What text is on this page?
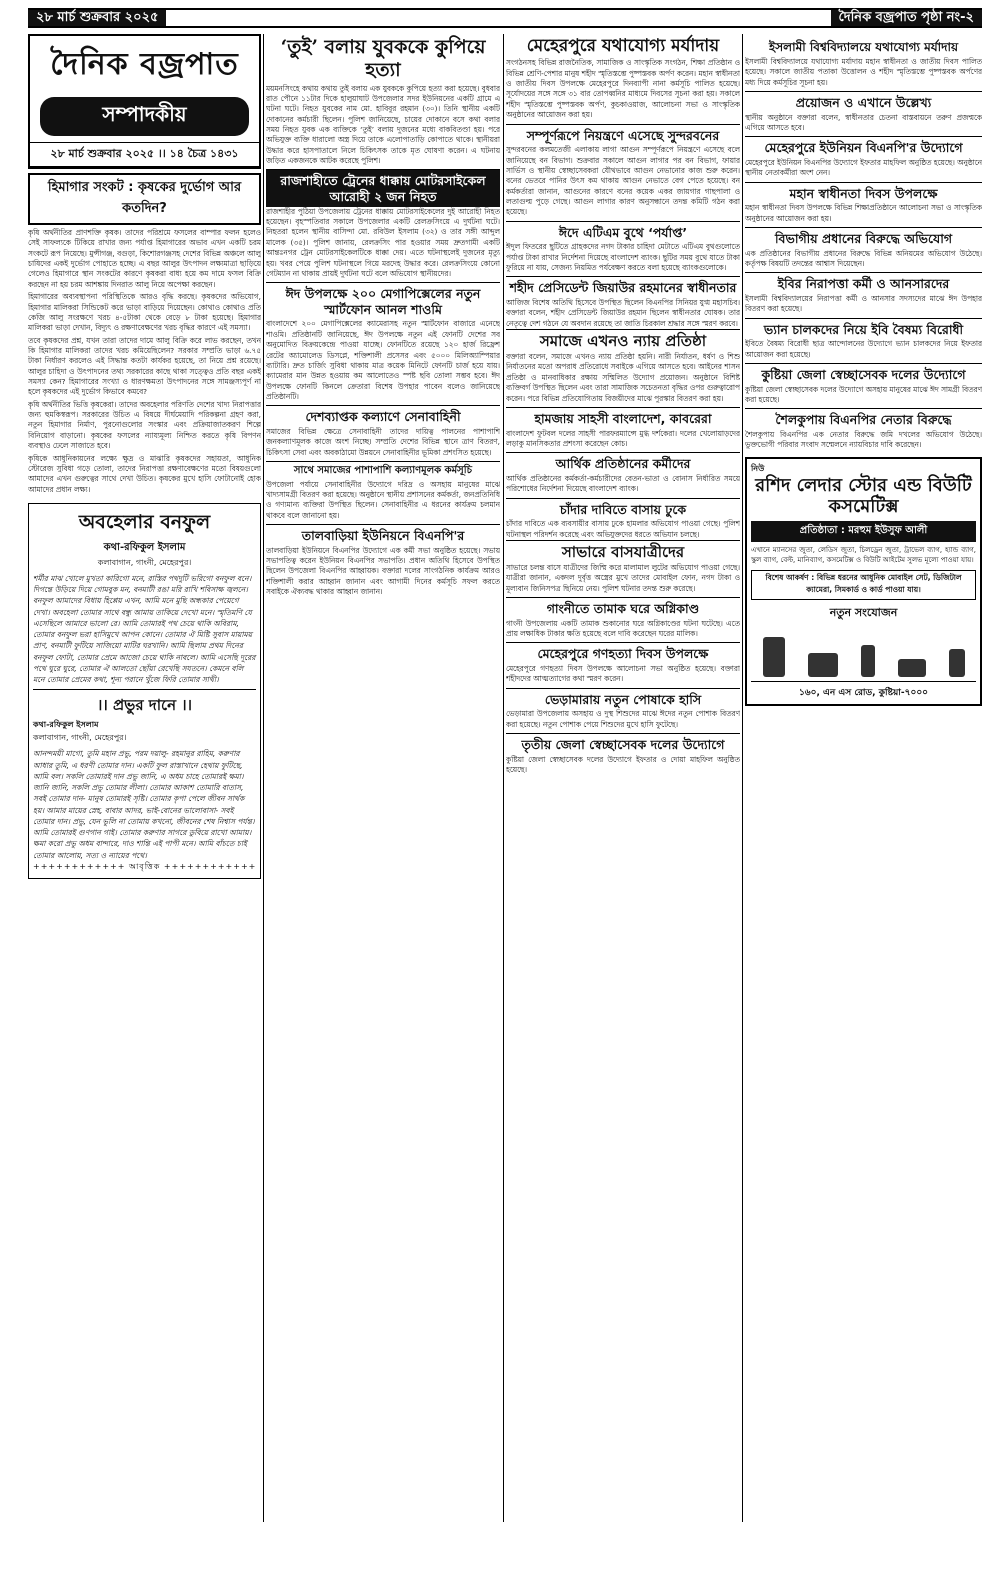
২৮ মার্চ শুক্রবার ২০২৫	দৈনিক বজ্রপাত পৃষ্ঠা নং-২
দৈনিক বজ্রপাত
সম্পাদকীয়
২৮ মার্চ শুক্রবার ২০২৫ ।। ১৪ চৈত্র ১৪৩১
হিমাগার সংকট : কৃষকের দুর্ভোগ আর কতদিন?

কৃষি অর্থনীতির প্রাণশক্তি কৃষক। তাদের পরিশ্রমে ফসলের বাম্পার ফলন হলেও সেই সাফল্যকে টিকিয়ে রাখার জন্য পর্যাপ্ত হিমাগারের অভাব এখন একটি চরম সংকটে রূপ নিয়েছে। মুন্সীগঞ্জ, বগুড়া, কিশোরগঞ্জসহ দেশের বিভিন্ন অঞ্চলে আলু চাষিদের একই দুর্ভোগ পোহাতে হচ্ছে। এ বছর আলুর উৎপাদন লক্ষ্যমাত্রা ছাড়িয়ে গেলেও হিমাগারে স্থান সংকটের কারণে কৃষকরা বাধ্য হয়ে কম দামে ফসল বিক্রি করছেন না হয় চরম আশঙ্কায় দিনরাত আলু নিয়ে অপেক্ষা করছেন।

হিমাগারের অব্যবস্থাপনা পরিস্থিতিকে আরও বৃদ্ধি করছে। কৃষকদের অভিযোগ, হিমাগার মালিকরা সিন্ডিকেট করে ভাড়া বাড়িয়ে দিয়েছেন। কোথাও কোথাও প্রতি কেজি আলু সংরক্ষণে খরচ ৪-৫টাকা থেকে বেড়ে ৮ টাকা হয়েছে। হিমাগার মালিকরা ভাড়া দেখান, বিদ্যুৎ ও রক্ষণাবেক্ষণের খরচ বৃদ্ধির কারণে এই সমস্যা।

তবে কৃষকদের প্রশ্ন, যখন তারা তাদের দামে আলু বিক্রি করে লাভ করছেন, তখন কি হিমাগার মালিকরা তাদের খরচ কমিয়েছিলেন? সরকার সম্প্রতি ভাড়া ৬.৭৫ টাকা নির্ধারণ করলেও এই সিদ্ধান্ত কতটা কার্যকর হয়েছে, তা নিয়ে প্রশ্ন রয়েছে। আলুর চাহিদা ও উৎপাদনের তথ্য সরকারের কাছে থাকা সত্ত্বেও প্রতি বছর একই সমস্যা কেন? হিমাগারের সংখ্যা ও ধারণক্ষমতা উৎপাদনের সঙ্গে সামঞ্জস্যপূর্ণ না হলে কৃষকদের এই দুর্ভোগ কিভাবে কমবে?

কৃষি অর্থনীতির ভিত্তি কৃষকেরা। তাদের অবহেলার পরিণতি দেশের খাদ্য নিরাপত্তার জন্য হুমকিস্বরূপ। সরকারের উচিত এ বিষয়ে দীর্ঘমেয়াদি পরিকল্পনা গ্রহণ করা, নতুন হিমাগার নির্মাণ, পুরনোগুলোর সংস্কার এবং প্রক্রিয়াজাতকরণ শিল্পে বিনিয়োগ বাড়ানো। কৃষকের ফসলের ন্যায্যমূল্য নিশ্চিত করতে কৃষি বিপণন ব্যবস্থাও ঢেলে সাজাতে হবে।

কৃষিকে আধুনিকায়নের লক্ষ্যে ক্ষুদ্র ও মাঝারি কৃষকদের সহায়তা, আধুনিক স্টোরেজ সুবিধা গড়ে তোলা, তাদের নিরাপত্তা রক্ষণাবেক্ষণের মতো বিষয়গুলো আমাদের এখন গুরুত্বের সাথে দেখা উচিত। কৃষকের মুখে হাসি ফোটানোই হোক আমাদের প্রধান লক্ষ্য।

অবহেলার বনফুল
কথা-রফিকুল ইসলাম
কলাবাগান, গাংনী, মেহেরপুর।
শর্মীর মাঝ খোলে মুখতা কারিগো মনে, রাস্তির পথদুটি ভরিগো বনফুল বনে। দিগন্তে উড়িয়ে দিয়ে গোমবুক মন, বনমাটী রঙা মরি রাখি শবিসাক্ষ জ্বলনে। বনফুল আমাদের বিধায় হিপ্পেয় এখন, আমি মনে মুছি অন্ধকার পেয়েগে দেখা। অবহেলা তোমার সাথে বন্ধু আমায় তাকিয়ে দেখো মনে। স্মৃতিমণি যে এসেছিলে আমারে ভালো রে। আমি তোমারই পথ চেয়ে থাকি অবিরাম, তোমার বনফুল ভরা হাসিমুখে আপন কোনে। তোমার ঐ মিষ্টি সুবাস মায়াময় প্রাণ, বনমাটী ফুটিয়ে সাজিয়ো মাটির ঘরখানি। আমি ছিলাম প্রথম দিনের বনফুল ফোটা, তোমার প্রেমে আজো চেয়ে থাকি নাবলে। আমি এসেছি দূরের পথে ঘুরে ঘুরে, তোমার ঐ আলতো ছোঁয়া রেখেছি সযতনে। কেমনে বলি মনে তোমার প্রেমের কথা, শূন্য পরানে খুঁজে ফিরি তোমার সাথী।
।। প্রভুর দানে ।।
কথা-রফিকুল ইসলাম
কলাবাগান, গাংনী, মেহেরপুর।
আনন্দময়ী মাগো, তুমি মহান প্রভু, পরম দয়ালু- রহমানুর রাহিম, করুণার আধার তুমি, এ ধরণী তোমার দান। একটি ফুল রাস্তাখানে হেথায় ফুটিছে, আমি বল। সকলি তোমারই দান প্রভু জানি, এ অধম চাহে তোমারই ক্ষমা। জানি জানি, সকলি প্রভু তোমার লীলা। তোমার আকাশ তোমারি বাতাস, সবই তোমার দান- মানুষ তোমারই সৃষ্টি। তোমার কৃপা পেলে জীবন সার্থক হয়। আমার মায়ের স্নেহ, বাবার আদর, ভাই-বোনের ভালোবাসা- সবই তোমার দান। প্রভু, যেন ভুলি না তোমায় কখনো, জীবনের শেষ নিশ্বাস পর্যন্ত। আমি তোমারই গুণগান গাই। তোমার করুণার সাগরে ডুবিয়ে রাখো আমায়। ক্ষমা করো প্রভু অধম বান্দারে, দাও শান্তি এই পাপী মনে। আমি বাঁচতে চাই তোমার আলোয়, সত্য ও ন্যায়ের পথে।
++++++++++++ আবৃত্তিক ++++++++++++
‘তুই’ বলায় যুবককে কুপিয়ে হত্যা
ময়মনসিংহে কথায় কথায় তুই বলায় এক যুবককে কুপিয়ে হত্যা করা হয়েছে। বুধবার রাত পৌনে ১১টার দিকে হালুয়াঘাট উপজেলার সদর ইউনিয়নের একটি গ্রামে এ ঘটনা ঘটে। নিহত যুবকের নাম মো. হাবিবুর রহমান (৩০)। তিনি স্থানীয় একটি দোকানের কর্মচারী ছিলেন। পুলিশ জানিয়েছে, চায়ের দোকানে বসে কথা বলার সময় নিহত যুবক এক ব্যক্তিকে ‘তুই’ বলায় দুজনের মধ্যে বাকবিতণ্ডা হয়। পরে অভিযুক্ত ব্যক্তি ধারালো অস্ত্র দিয়ে তাকে এলোপাতাড়ি কোপাতে থাকে। স্থানীয়রা উদ্ধার করে হাসপাতালে নিলে চিকিৎসক তাকে মৃত ঘোষণা করেন। এ ঘটনায় জড়িত একজনকে আটক করেছে পুলিশ।
রাজশাহীতে ট্রেনের ধাক্কায় মোটরসাইকেল আরোহী ২ জন নিহত
রাজশাহীর পুঠিয়া উপজেলায় ট্রেনের ধাক্কায় মোটরসাইকেলের দুই আরোহী নিহত হয়েছেন। বৃহস্পতিবার সকালে উপজেলার একটি রেলক্রসিংয়ে এ দুর্ঘটনা ঘটে। নিহতরা হলেন স্থানীয় বাসিন্দা মো. রবিউল ইসলাম (৩২) ও তার সঙ্গী আব্দুল মালেক (৩৫)। পুলিশ জানায়, রেলক্রসিং পার হওয়ার সময় দ্রুতগামী একটি আন্তঃনগর ট্রেন মোটরসাইকেলটিকে ধাক্কা দেয়। এতে ঘটনাস্থলেই দুজনের মৃত্যু হয়। খবর পেয়ে পুলিশ ঘটনাস্থলে গিয়ে মরদেহ উদ্ধার করে। রেলক্রসিংয়ে কোনো গেটম্যান না থাকায় প্রায়ই দুর্ঘটনা ঘটে বলে অভিযোগ স্থানীয়দের।
ঈদ উপলক্ষে ২০০ মেগাপিক্সেলের নতুন স্মার্টফোন আনল শাওমি
বাংলাদেশে ২০০ মেগাপিক্সেলের ক্যামেরাসহ নতুন স্মার্টফোন বাজারে এনেছে শাওমি। প্রতিষ্ঠানটি জানিয়েছে, ঈদ উপলক্ষে নতুন এই ফোনটি দেশের সব অনুমোদিত বিক্রয়কেন্দ্রে পাওয়া যাচ্ছে। ফোনটিতে রয়েছে ১২০ হার্জ রিফ্রেশ রেটের অ্যামোলেড ডিসপ্লে, শক্তিশালী প্রসেসর এবং ৫০০০ মিলিঅ্যাম্পিয়ার ব্যাটারি। দ্রুত চার্জিং সুবিধা থাকায় মাত্র কয়েক মিনিটে ফোনটি চার্জ হয়ে যায়। ক্যামেরার মান উন্নত হওয়ায় কম আলোতেও স্পষ্ট ছবি তোলা সম্ভব হবে। ঈদ উপলক্ষে ফোনটি কিনলে ক্রেতারা বিশেষ উপহার পাবেন বলেও জানিয়েছে প্রতিষ্ঠানটি।
দেশব্যাপ্তক কল্যাণে সেনাবাহিনী
সমাজের বিভিন্ন ক্ষেত্রে সেনাবাহিনী তাদের দায়িত্ব পালনের পাশাপাশি জনকল্যাণমূলক কাজে অংশ নিচ্ছে। সম্প্রতি দেশের বিভিন্ন স্থানে ত্রাণ বিতরণ, চিকিৎসা সেবা এবং অবকাঠামো উন্নয়নে সেনাবাহিনীর ভূমিকা প্রশংসিত হয়েছে।
সাথে সমাজের পাশাপাশি কল্যাণমূলক কর্মসূচি
উপজেলা পর্যায়ে সেনাবাহিনীর উদ্যোগে দরিদ্র ও অসহায় মানুষের মাঝে খাদ্যসামগ্রী বিতরণ করা হয়েছে। অনুষ্ঠানে স্থানীয় প্রশাসনের কর্মকর্তা, জনপ্রতিনিধি ও গণ্যমান্য ব্যক্তিরা উপস্থিত ছিলেন। সেনাবাহিনীর এ ধরনের কার্যক্রম চলমান থাকবে বলে জানানো হয়।
তালবাড়িয়া ইউনিয়নে বিএনপি'র
তালবাড়িয়া ইউনিয়নে বিএনপির উদ্যোগে এক কর্মী সভা অনুষ্ঠিত হয়েছে। সভায় সভাপতিত্ব করেন ইউনিয়ন বিএনপির সভাপতি। প্রধান অতিথি হিসেবে উপস্থিত ছিলেন উপজেলা বিএনপির আহ্বায়ক। বক্তারা দলের সাংগঠনিক কার্যক্রম আরও শক্তিশালী করার আহ্বান জানান এবং আগামী দিনের কর্মসূচি সফল করতে সবাইকে ঐক্যবদ্ধ থাকার আহ্বান জানান।
মেহেরপুরে যথাযোগ্য মর্যাদায়
সংগঠনসহ বিভিন্ন রাজনৈতিক, সামাজিক ও সাংস্কৃতিক সংগঠন, শিক্ষা প্রতিষ্ঠান ও বিভিন্ন শ্রেণি-পেশার মানুষ শহীদ স্মৃতিস্তম্ভে পুষ্পস্তবক অর্পণ করেন। মহান স্বাধীনতা ও জাতীয় দিবস উপলক্ষে মেহেরপুরে দিনব্যাপী নানা কর্মসূচি পালিত হয়েছে। সূর্যোদয়ের সঙ্গে সঙ্গে ৩১ বার তোপধ্বনির মাধ্যমে দিবসের সূচনা করা হয়। সকালে শহীদ স্মৃতিস্তম্ভে পুষ্পস্তবক অর্পণ, কুচকাওয়াজ, আলোচনা সভা ও সাংস্কৃতিক অনুষ্ঠানের আয়োজন করা হয়।
সম্পূর্ণরূপে নিয়ন্ত্রণে এসেছে সুন্দরবনের
সুন্দরবনের কলমতেজী এলাকায় লাগা আগুন সম্পূর্ণরূপে নিয়ন্ত্রণে এসেছে বলে জানিয়েছে বন বিভাগ। শুক্রবার সকালে আগুন লাগার পর বন বিভাগ, ফায়ার সার্ভিস ও স্থানীয় স্বেচ্ছাসেবকরা যৌথভাবে আগুন নেভানোর কাজ শুরু করেন। বনের ভেতরে পানির উৎস কম থাকায় আগুন নেভাতে বেগ পেতে হয়েছে। বন কর্মকর্তারা জানান, আগুনের কারণে বনের কয়েক একর জায়গার গাছপালা ও লতাগুল্ম পুড়ে গেছে। আগুন লাগার কারণ অনুসন্ধানে তদন্ত কমিটি গঠন করা হয়েছে।
ঈদে এটিএম বুথে ‘পর্যাপ্ত’
ঈদুল ফিতরের ছুটিতে গ্রাহকদের নগদ টাকার চাহিদা মেটাতে এটিএম বুথগুলোতে পর্যাপ্ত টাকা রাখার নির্দেশনা দিয়েছে বাংলাদেশ ব্যাংক। ছুটির সময় বুথে যাতে টাকা ফুরিয়ে না যায়, সেজন্য নিয়মিত পর্যবেক্ষণ করতে বলা হয়েছে ব্যাংকগুলোকে।
শহীদ প্রেসিডেন্ট জিয়াউর রহমানের স্বাধীনতার
আজিজ বিশেষ অতিথি হিসেবে উপস্থিত ছিলেন বিএনপির সিনিয়র যুগ্ম মহাসচিব। বক্তারা বলেন, শহীদ প্রেসিডেন্ট জিয়াউর রহমান ছিলেন স্বাধীনতার ঘোষক। তার নেতৃত্বে দেশ গঠনে যে অবদান রয়েছে তা জাতি চিরকাল শ্রদ্ধার সঙ্গে স্মরণ করবে।
সমাজে এখনও ন্যায় প্রতিষ্ঠা
বক্তারা বলেন, সমাজে এখনও ন্যায় প্রতিষ্ঠা হয়নি। নারী নির্যাতন, ধর্ষণ ও শিশু নির্যাতনের মতো অপরাধ প্রতিরোধে সবাইকে এগিয়ে আসতে হবে। আইনের শাসন প্রতিষ্ঠা ও মানবাধিকার রক্ষায় সম্মিলিত উদ্যোগ প্রয়োজন। অনুষ্ঠানে বিশিষ্ট ব্যক্তিবর্গ উপস্থিত ছিলেন এবং তারা সামাজিক সচেতনতা বৃদ্ধির ওপর গুরুত্বারোপ করেন। পরে বিভিন্ন প্রতিযোগিতায় বিজয়ীদের মাঝে পুরস্কার বিতরণ করা হয়।
হামজায় সাহসী বাংলাদেশ, কাবরেরা
বাংলাদেশ ফুটবল দলের সাহসী পারফরম্যান্সে মুগ্ধ দর্শকেরা। দলের খেলোয়াড়দের লড়াকু মানসিকতার প্রশংসা করেছেন কোচ।
আর্থিক প্রতিষ্ঠানের কর্মীদের
আর্থিক প্রতিষ্ঠানের কর্মকর্তা-কর্মচারীদের বেতন-ভাতা ও বোনাস নির্ধারিত সময়ে পরিশোধের নির্দেশনা দিয়েছে বাংলাদেশ ব্যাংক।
চাঁদার দাবিতে বাসায় ঢুকে
চাঁদার দাবিতে এক ব্যবসায়ীর বাসায় ঢুকে হামলার অভিযোগ পাওয়া গেছে। পুলিশ ঘটনাস্থল পরিদর্শন করেছে এবং অভিযুক্তদের ধরতে অভিযান চলছে।
সাভারে বাসযাত্রীদের
সাভারে চলন্ত বাসে যাত্রীদের জিম্মি করে মালামাল লুটের অভিযোগ পাওয়া গেছে। যাত্রীরা জানান, একদল দুর্বৃত্ত অস্ত্রের মুখে তাদের মোবাইল ফোন, নগদ টাকা ও মূল্যবান জিনিসপত্র ছিনিয়ে নেয়। পুলিশ ঘটনার তদন্ত শুরু করেছে।
গাংনীতে তামাক ঘরে অগ্নিকাণ্ড
গাংনী উপজেলায় একটি তামাক শুকানোর ঘরে অগ্নিকাণ্ডের ঘটনা ঘটেছে। এতে প্রায় লক্ষাধিক টাকার ক্ষতি হয়েছে বলে দাবি করেছেন ঘরের মালিক।
মেহেরপুরে গণহত্যা দিবস উপলক্ষে
মেহেরপুরে গণহত্যা দিবস উপলক্ষে আলোচনা সভা অনুষ্ঠিত হয়েছে। বক্তারা শহীদদের আত্মত্যাগের কথা স্মরণ করেন।
ভেড়ামারায় নতুন পোষাকে হাসি
ভেড়ামারা উপজেলায় অসহায় ও দুস্থ শিশুদের মাঝে ঈদের নতুন পোশাক বিতরণ করা হয়েছে। নতুন পোশাক পেয়ে শিশুদের মুখে হাসি ফুটেছে।
তৃতীয় জেলা স্বেচ্ছাসেবক দলের উদ্যোগে
কুষ্টিয়া জেলা স্বেচ্ছাসেবক দলের উদ্যোগে ইফতার ও দোয়া মাহফিল অনুষ্ঠিত হয়েছে।
ইসলামী বিশ্ববিদ্যালয়ে যথাযোগ্য মর্যাদায়
ইসলামী বিশ্ববিদ্যালয়ে যথাযোগ্য মর্যাদায় মহান স্বাধীনতা ও জাতীয় দিবস পালিত হয়েছে। সকালে জাতীয় পতাকা উত্তোলন ও শহীদ স্মৃতিস্তম্ভে পুষ্পস্তবক অর্পণের মধ্য দিয়ে কর্মসূচির সূচনা হয়।
প্রয়োজন ও এখানে উল্লেখ্য
স্থানীয় অনুষ্ঠানে বক্তারা বলেন, স্বাধীনতার চেতনা বাস্তবায়নে তরুণ প্রজন্মকে এগিয়ে আসতে হবে।
মেহেরপুরে ইউনিয়ন বিএনপি'র উদ্যোগে
মেহেরপুরে ইউনিয়ন বিএনপির উদ্যোগে ইফতার মাহফিল অনুষ্ঠিত হয়েছে। অনুষ্ঠানে স্থানীয় নেতাকর্মীরা অংশ নেন।
মহান স্বাধীনতা দিবস উপলক্ষে
মহান স্বাধীনতা দিবস উপলক্ষে বিভিন্ন শিক্ষাপ্রতিষ্ঠানে আলোচনা সভা ও সাংস্কৃতিক অনুষ্ঠানের আয়োজন করা হয়।
বিভাগীয় প্রধানের বিরুদ্ধে অভিযোগ
এক প্রতিষ্ঠানের বিভাগীয় প্রধানের বিরুদ্ধে বিভিন্ন অনিয়মের অভিযোগ উঠেছে। কর্তৃপক্ষ বিষয়টি তদন্তের আশ্বাস দিয়েছেন।
ইবির নিরাপত্তা কর্মী ও আনসারদের
ইসলামী বিশ্ববিদ্যালয়ের নিরাপত্তা কর্মী ও আনসার সদস্যদের মাঝে ঈদ উপহার বিতরণ করা হয়েছে।
ভ্যান চালকদের নিয়ে ইবি বৈষম্য বিরোধী
ইবিতে বৈষম্য বিরোধী ছাত্র আন্দোলনের উদ্যোগে ভ্যান চালকদের নিয়ে ইফতার আয়োজন করা হয়েছে।
কুষ্টিয়া জেলা স্বেচ্ছাসেবক দলের উদ্যোগে
কুষ্টিয়া জেলা স্বেচ্ছাসেবক দলের উদ্যোগে অসহায় মানুষের মাঝে ঈদ সামগ্রী বিতরণ করা হয়েছে।
শৈলকুপায় বিএনপির নেতার বিরুদ্ধে
শৈলকুপায় বিএনপির এক নেতার বিরুদ্ধে জমি দখলের অভিযোগ উঠেছে। ভুক্তভোগী পরিবার সংবাদ সম্মেলনে ন্যায়বিচার দাবি করেছেন।
নিউ
রশিদ লেদার স্টোর এন্ড বিউটি কসমেটিক্স
প্রতিষ্ঠাতা : মরহুম ইউসুফ আলী
এখানে ম্যানসের জুতা, লেডিস জুতা, চিলড্রেন জুতা, ট্রাভেল ব্যাগ, হ্যান্ড ব্যাগ, স্কুল ব্যাগ, বেল্ট, মানিব্যাগ, কসমেটিক্স ও বিউটি আইটেম সুলভ মূল্যে পাওয়া যায়।
বিশেষ আকর্ষণ : বিভিন্ন ধরনের আধুনিক মোবাইল সেট, ডিজিটাল ক্যামেরা, সিমকার্ড ও কার্ড পাওয়া যায়।
নতুন সংযোজন
১৬০, এন এস রোড, কুষ্টিয়া-৭০০০
